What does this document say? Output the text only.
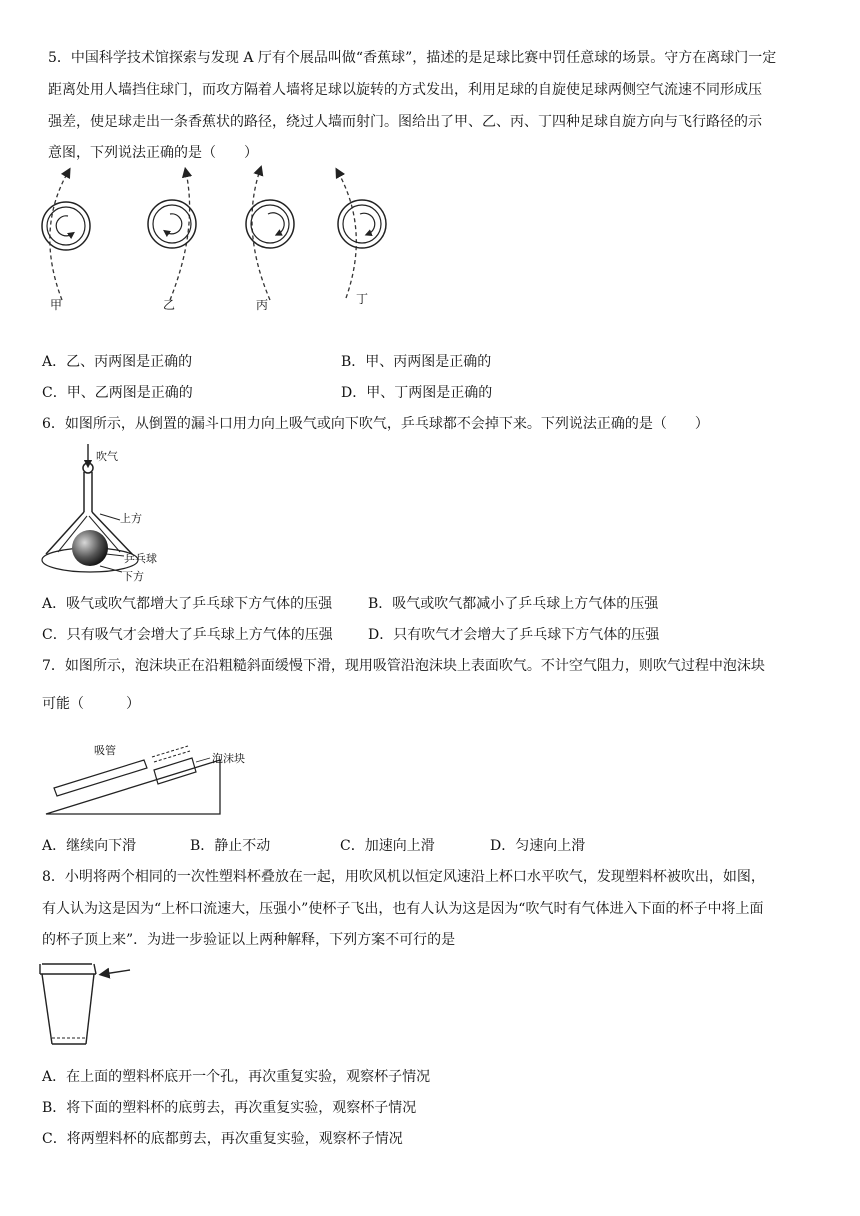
5．中国科学技术馆探索与发现 A 厅有个展品叫做“香蕉球”，描述的是足球比赛中罚任意球的场景。守方在离球门一定
距离处用人墙挡住球门，而攻方隔着人墙将足球以旋转的方式发出，利用足球的自旋使足球两侧空气流速不同形成压
强差，使足球走出一条香蕉状的路径，绕过人墙而射门。图给出了甲、乙、丙、丁四种足球自旋方向与飞行路径的示
意图，下列说法正确的是（　　）
甲	乙	丙	丁
A．乙、丙两图是正确的	B．甲、丙两图是正确的
C．甲、乙两图是正确的	D．甲、丁两图是正确的
6．如图所示，从倒置的漏斗口用力向上吸气或向下吹气，乒乓球都不会掉下来。下列说法正确的是（　　）
吹气
上方
乒乓球
下方
A．吸气或吹气都增大了乒乓球下方气体的压强	B．吸气或吹气都减小了乒乓球上方气体的压强
C．只有吸气才会增大了乒乓球上方气体的压强	D．只有吹气才会增大了乒乓球下方气体的压强
7．如图所示，泡沫块正在沿粗糙斜面缓慢下滑，现用吸管沿泡沫块上表面吹气。不计空气阻力，则吹气过程中泡沫块
可能（　　　）
吸管
泡沫块
A．继续向下滑	B．静止不动	C．加速向上滑	D．匀速向上滑
8．小明将两个相同的一次性塑料杯叠放在一起，用吹风机以恒定风速沿上杯口水平吹气，发现塑料杯被吹出，如图，
有人认为这是因为“上杯口流速大，压强小”使杯子飞出，也有人认为这是因为“吹气时有气体进入下面的杯子中将上面
的杯子顶上来”．为进一步验证以上两种解释，下列方案不可行的是
A．在上面的塑料杯底开一个孔，再次重复实验，观察杯子情况
B．将下面的塑料杯的底剪去，再次重复实验，观察杯子情况
C．将两塑料杯的底都剪去，再次重复实验，观察杯子情况
